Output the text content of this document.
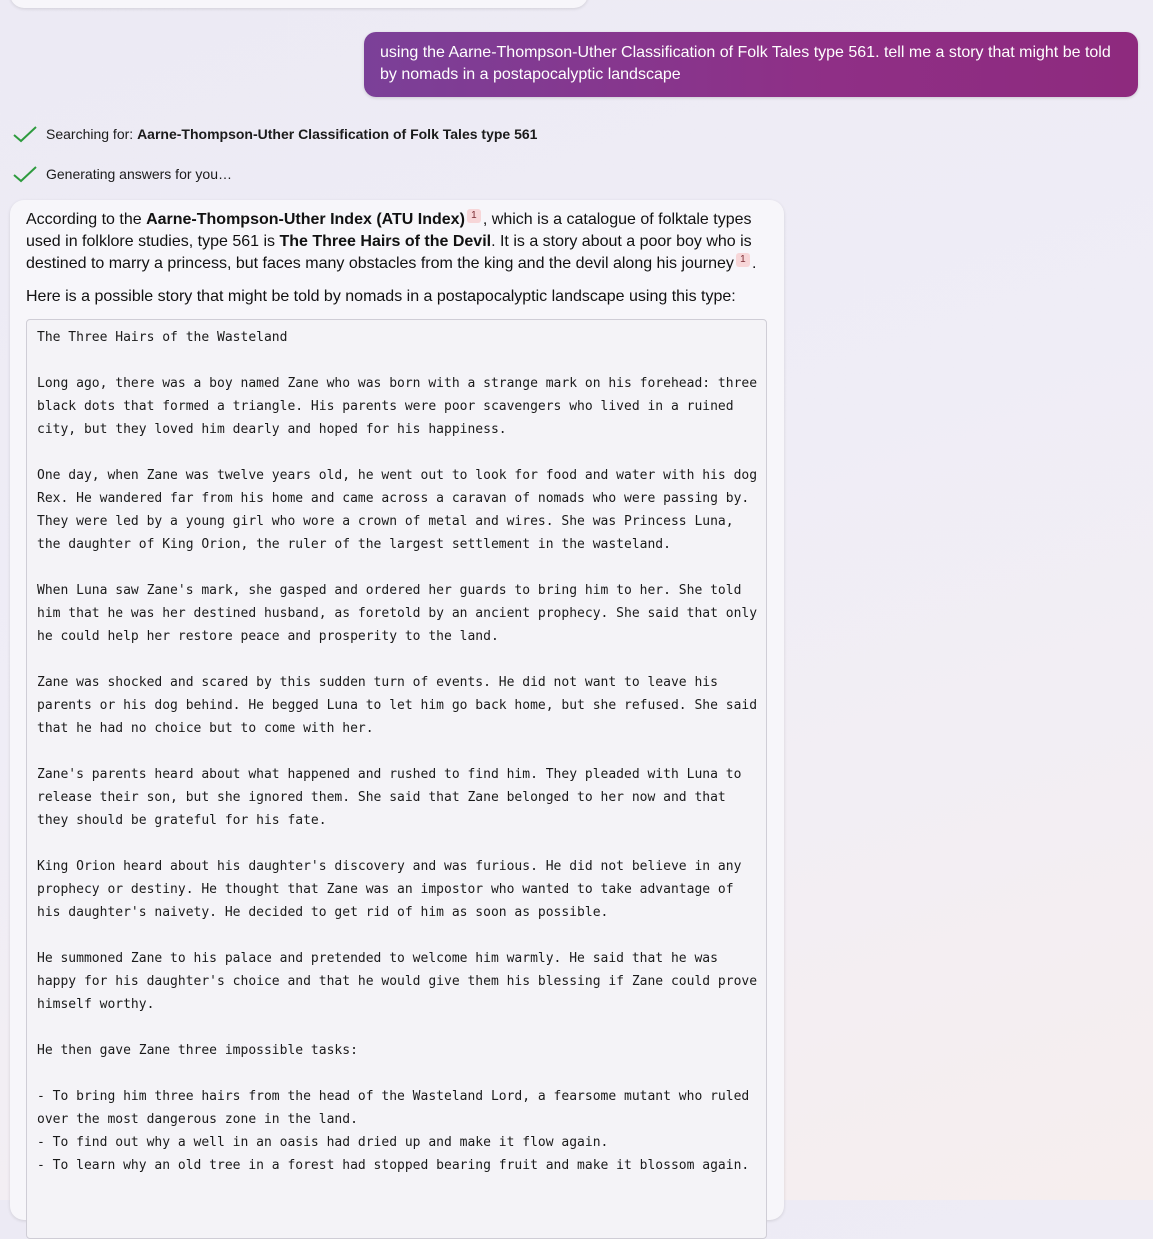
using the Aarne-Thompson-Uther Classification of Folk Tales type 561. tell me a story that might be told by nomads in a postapocalyptic landscape
Searching for: Aarne-Thompson-Uther Classification of Folk Tales type 561
Generating answers for you…

According to the Aarne-Thompson-Uther Index (ATU Index) 1 , which is a catalogue of folktale types used in folklore studies, type 561 is The Three Hairs of the Devil. It is a story about a poor boy who is destined to marry a princess, but faces many obstacles from the king and the devil along his journey 1 .

Here is a possible story that might be told by nomads in a postapocalyptic landscape using this type:

The Three Hairs of the Wasteland

Long ago, there was a boy named Zane who was born with a strange mark on his forehead: three
black dots that formed a triangle. His parents were poor scavengers who lived in a ruined
city, but they loved him dearly and hoped for his happiness.

One day, when Zane was twelve years old, he went out to look for food and water with his dog
Rex. He wandered far from his home and came across a caravan of nomads who were passing by.
They were led by a young girl who wore a crown of metal and wires. She was Princess Luna,
the daughter of King Orion, the ruler of the largest settlement in the wasteland.

When Luna saw Zane's mark, she gasped and ordered her guards to bring him to her. She told
him that he was her destined husband, as foretold by an ancient prophecy. She said that only
he could help her restore peace and prosperity to the land.

Zane was shocked and scared by this sudden turn of events. He did not want to leave his
parents or his dog behind. He begged Luna to let him go back home, but she refused. She said
that he had no choice but to come with her.

Zane's parents heard about what happened and rushed to find him. They pleaded with Luna to
release their son, but she ignored them. She said that Zane belonged to her now and that
they should be grateful for his fate.

King Orion heard about his daughter's discovery and was furious. He did not believe in any
prophecy or destiny. He thought that Zane was an impostor who wanted to take advantage of
his daughter's naivety. He decided to get rid of him as soon as possible.

He summoned Zane to his palace and pretended to welcome him warmly. He said that he was
happy for his daughter's choice and that he would give them his blessing if Zane could prove
himself worthy.

He then gave Zane three impossible tasks:

- To bring him three hairs from the head of the Wasteland Lord, a fearsome mutant who ruled
over the most dangerous zone in the land.
- To find out why a well in an oasis had dried up and make it flow again.
- To learn why an old tree in a forest had stopped bearing fruit and make it blossom again.
